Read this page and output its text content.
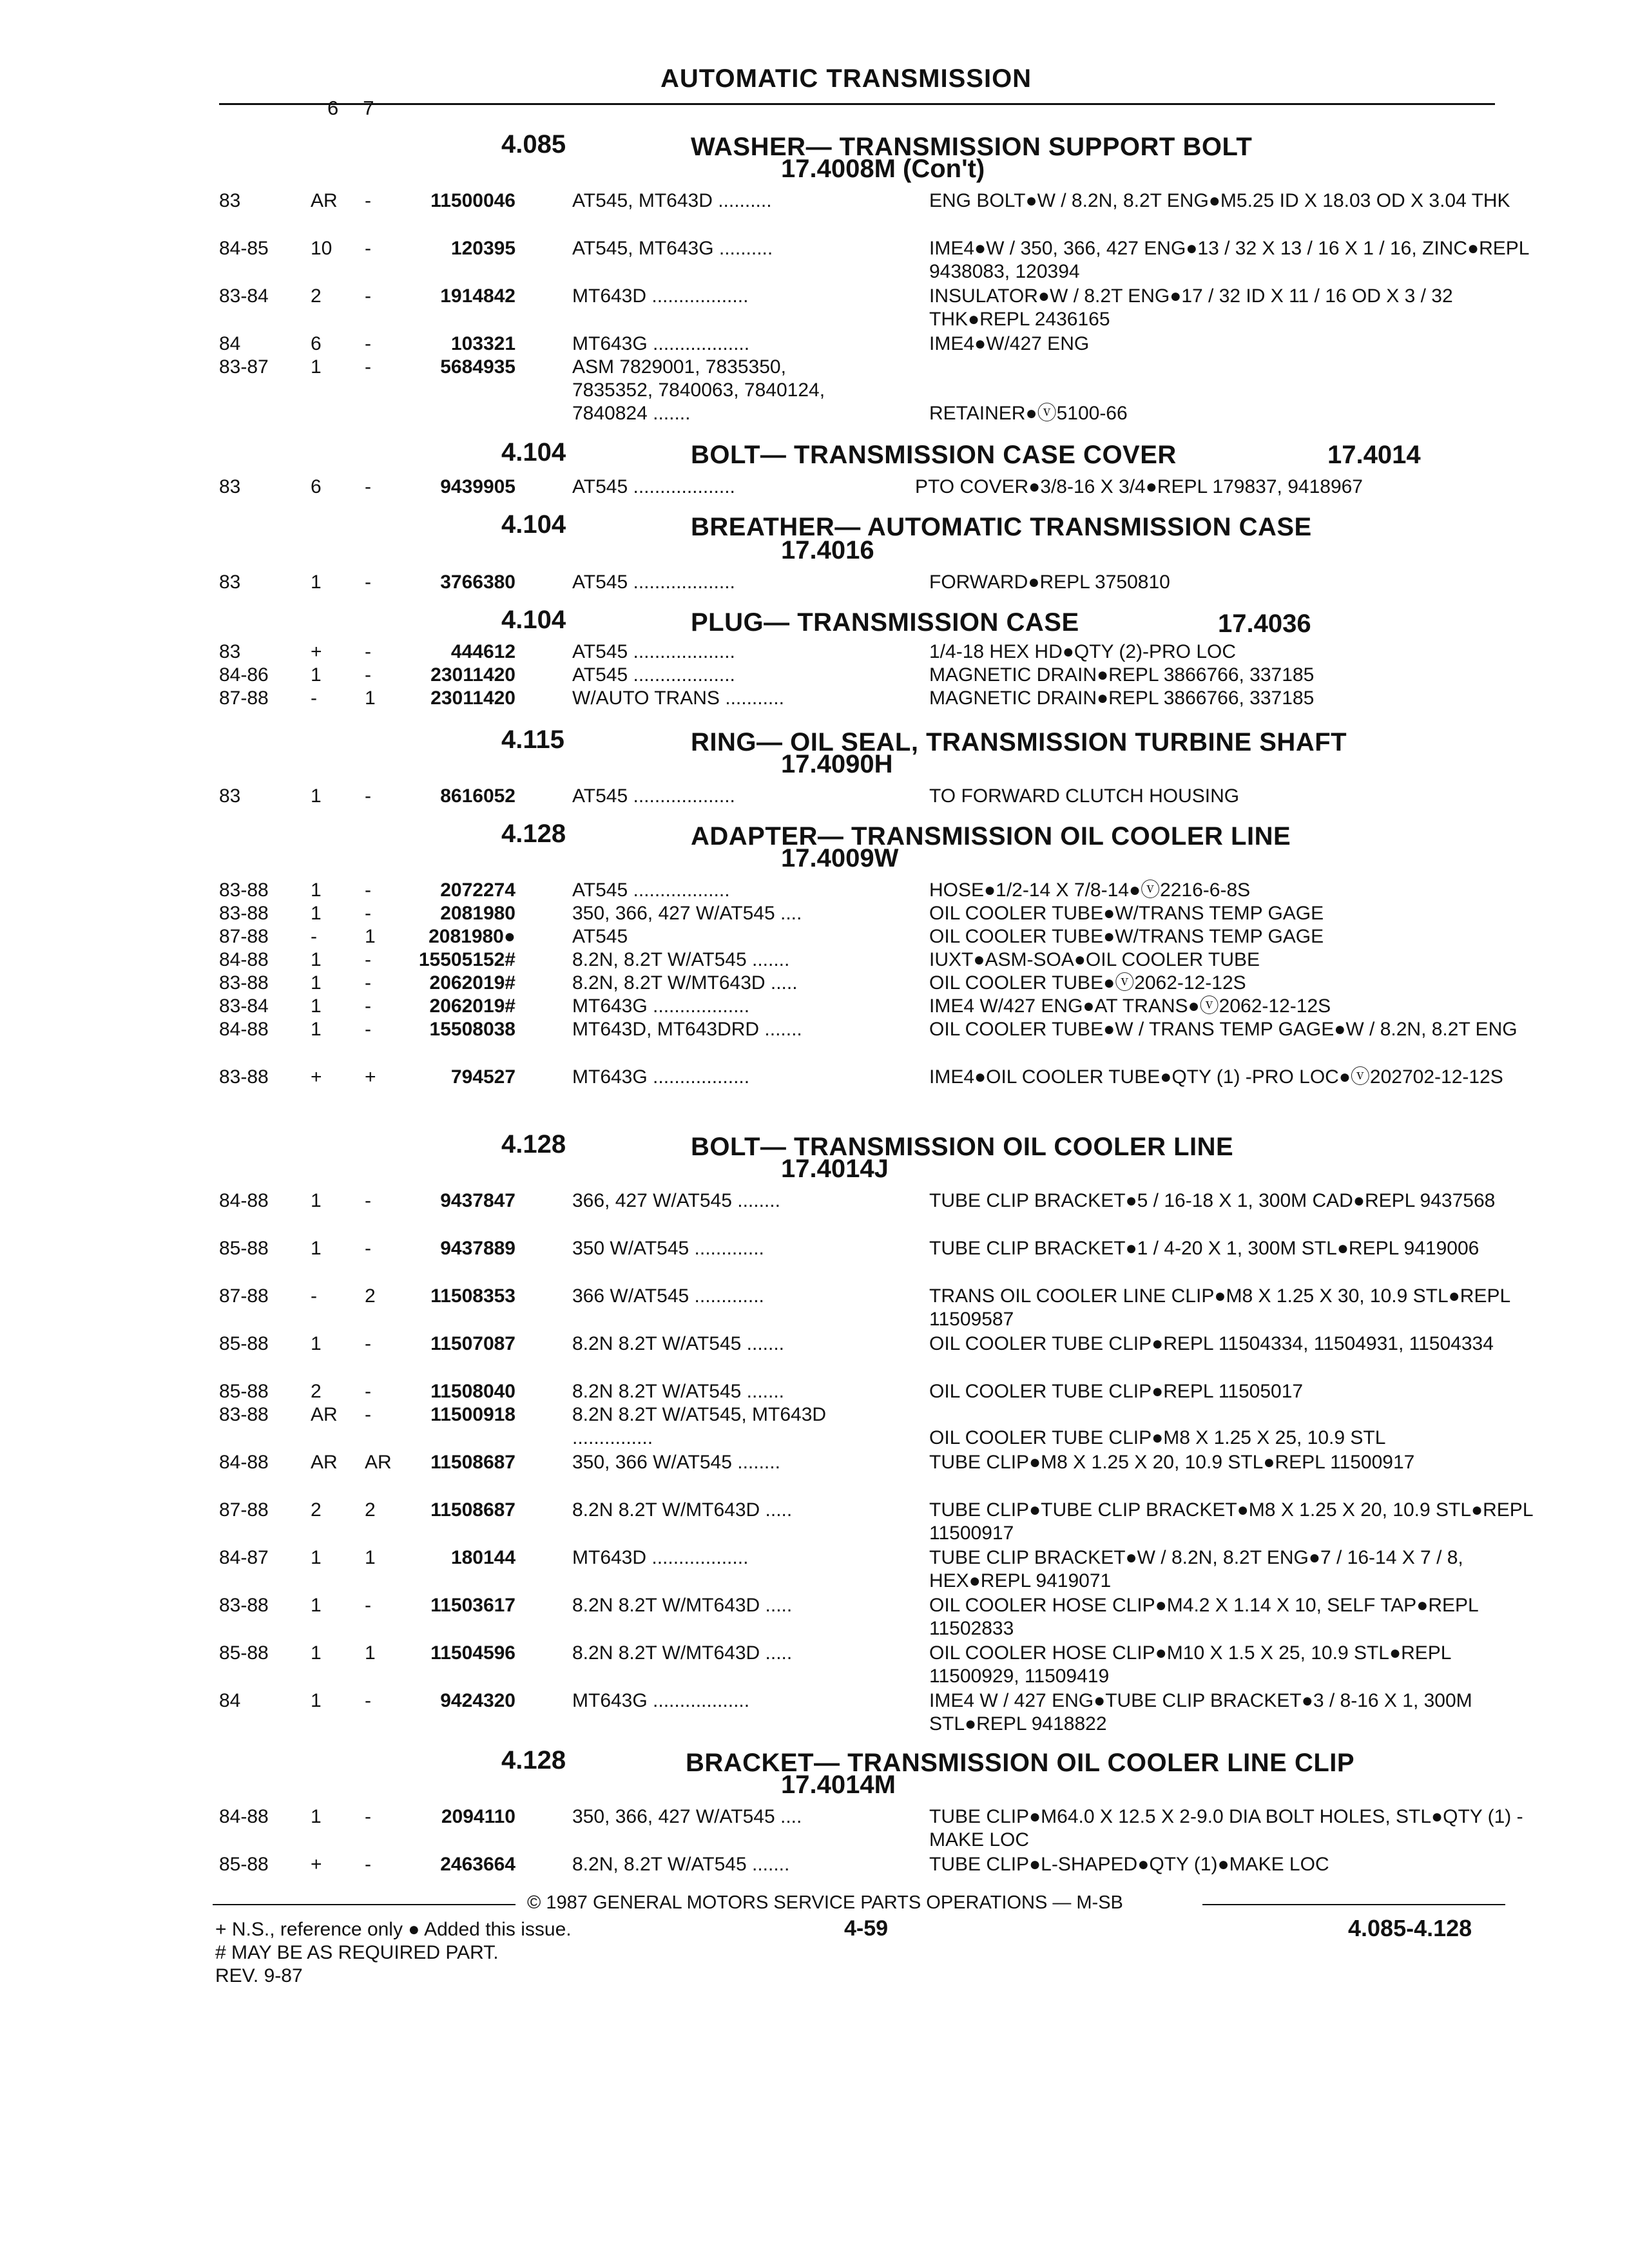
AUTOMATIC TRANSMISSION
6 7
4.085	WASHER— TRANSMISSION SUPPORT BOLT
17.4008M (Con't)
83	AR -	11500046	AT545, MT643D ..........	ENG BOLT●W / 8.2N, 8.2T ENG●M5.25 ID X 18.03 OD X 3.04 THK
84-85 10 -	120395	AT545, MT643G ..........	IME4●W / 350, 366, 427 ENG●13 / 32 X 13 / 16 X 1 / 16, ZINC●REPL 9438083, 120394
83-84 2 -	1914842	MT643D ..................	INSULATOR●W / 8.2T ENG●17 / 32 ID X 11 / 16 OD X 3 / 32 THK●REPL 2436165
84	6 -	103321	MT643G ..................	IME4●W/427 ENG
83-87 1 -	5684935	ASM 7829001, 7835350, 7835352, 7840063, 7840124, 7840824 .......	RETAINER●ⓥ5100-66
4.104	BOLT— TRANSMISSION CASE COVER	17.4014
83	6 -	9439905	AT545 ...................	PTO COVER●3/8-16 X 3/4●REPL 179837, 9418967
4.104	BREATHER— AUTOMATIC TRANSMISSION CASE
17.4016
83	1 -	3766380	AT545 ...................	FORWARD●REPL 3750810
4.104	PLUG— TRANSMISSION CASE	17.4036
83	+ -	444612	AT545 ...................	1/4-18 HEX HD●QTY (2)-PRO LOC
84-86 1 -	23011420	AT545 ...................	MAGNETIC DRAIN●REPL 3866766, 337185
87-88 - 1	23011420	W/AUTO TRANS ...........	MAGNETIC DRAIN●REPL 3866766, 337185
4.115	RING— OIL SEAL, TRANSMISSION TURBINE SHAFT
17.4090H
83	1 -	8616052	AT545 ...................	TO FORWARD CLUTCH HOUSING
4.128	ADAPTER— TRANSMISSION OIL COOLER LINE
17.4009W
83-88 1 -	2072274	AT545 ..................	HOSE●1/2-14 X 7/8-14●ⓥ2216-6-8S
83-88 1 -	2081980	350, 366, 427 W/AT545 ....	OIL COOLER TUBE●W/TRANS TEMP GAGE
87-88 - 1	2081980●	AT545	OIL COOLER TUBE●W/TRANS TEMP GAGE
84-88 1 -	15505152#	8.2N, 8.2T W/AT545 .......	IUXT●ASM-SOA●OIL COOLER TUBE
83-88 1 -	2062019#	8.2N, 8.2T W/MT643D .....	OIL COOLER TUBE●ⓥ2062-12-12S
83-84 1 -	2062019#	MT643G ..................	IME4 W/427 ENG●AT TRANS●ⓥ2062-12-12S
84-88 1 -	15508038	MT643D, MT643DRD .......	OIL COOLER TUBE●W / TRANS TEMP GAGE●W / 8.2N, 8.2T ENG
83-88 + +	794527	MT643G ..................	IME4●OIL COOLER TUBE●QTY (1) -PRO LOC●ⓥ202702-12-12S
4.128	BOLT— TRANSMISSION OIL COOLER LINE
17.4014J
84-88 1 -	9437847	366, 427 W/AT545 ........	TUBE CLIP BRACKET●5 / 16-18 X 1, 300M CAD●REPL 9437568
85-88 1 -	9437889	350 W/AT545 .............	TUBE CLIP BRACKET●1 / 4-20 X 1, 300M STL●REPL 9419006
87-88 - 2	11508353	366 W/AT545 .............	TRANS OIL COOLER LINE CLIP●M8 X 1.25 X 30, 10.9 STL●REPL 11509587
85-88 1 -	11507087	8.2N 8.2T W/AT545 .......	OIL COOLER TUBE CLIP●REPL 11504334, 11504931, 11504334
85-88 2 -	11508040	8.2N 8.2T W/AT545 .......	OIL COOLER TUBE CLIP●REPL 11505017
83-88 AR -	11500918	8.2N 8.2T W/AT545, MT643D ...............	OIL COOLER TUBE CLIP●M8 X 1.25 X 25, 10.9 STL
84-88 AR AR	11508687	350, 366 W/AT545 ........	TUBE CLIP●M8 X 1.25 X 20, 10.9 STL●REPL 11500917
87-88 2 2	11508687	8.2N 8.2T W/MT643D .....	TUBE CLIP●TUBE CLIP BRACKET●M8 X 1.25 X 20, 10.9 STL●REPL 11500917
84-87 1 1	180144	MT643D ..................	TUBE CLIP BRACKET●W / 8.2N, 8.2T ENG●7 / 16-14 X 7 / 8, HEX●REPL 9419071
83-88 1 -	11503617	8.2N 8.2T W/MT643D .....	OIL COOLER HOSE CLIP●M4.2 X 1.14 X 10, SELF TAP●REPL 11502833
85-88 1 1	11504596	8.2N 8.2T W/MT643D .....	OIL COOLER HOSE CLIP●M10 X 1.5 X 25, 10.9 STL●REPL 11500929, 11509419
84	1 -	9424320	MT643G ..................	IME4 W / 427 ENG●TUBE CLIP BRACKET●3 / 8-16 X 1, 300M STL●REPL 9418822
4.128	BRACKET— TRANSMISSION OIL COOLER LINE CLIP
17.4014M
84-88 1 -	2094110	350, 366, 427 W/AT545 ....	TUBE CLIP●M64.0 X 12.5 X 2-9.0 DIA BOLT HOLES, STL●QTY (1) -MAKE LOC
85-88 + -	2463664	8.2N, 8.2T W/AT545 .......	TUBE CLIP●L-SHAPED●QTY (1)●MAKE LOC
© 1987 GENERAL MOTORS SERVICE PARTS OPERATIONS — M-SB
+ N.S., reference only ● Added this issue.	4-59	4.085-4.128
# MAY BE AS REQUIRED PART.
REV. 9-87
